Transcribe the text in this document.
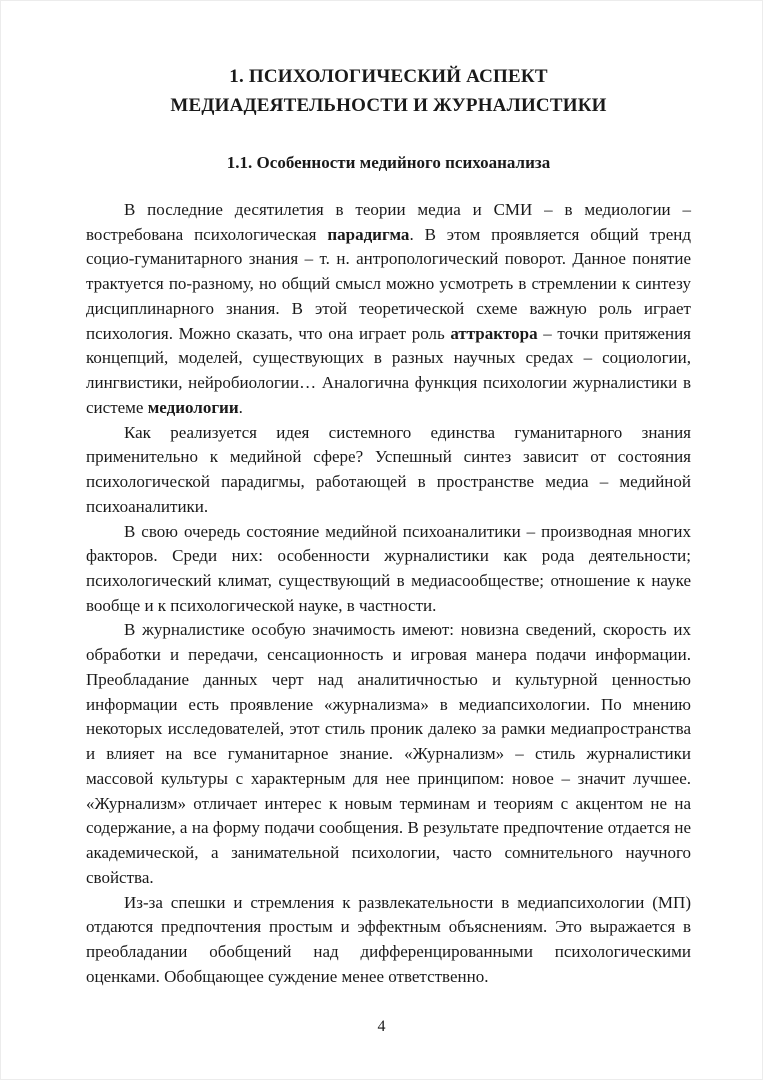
1. ПСИХОЛОГИЧЕСКИЙ АСПЕКТ
МЕДИАДЕЯТЕЛЬНОСТИ И ЖУРНАЛИСТИКИ
1.1. Особенности медийного психоанализа

В последние десятилетия в теории медиа и СМИ – в медиологии – востребована психологическая парадигма. В этом проявляется общий тренд социо-гуманитарного знания – т. н. антропологический поворот. Данное понятие трактуется по-разному, но общий смысл можно усмотреть в стремлении к синтезу дисциплинарного знания. В этой теоретической схеме важную роль играет психология. Можно сказать, что она играет роль аттрактора – точки притяжения концепций, моделей, существующих в разных научных средах – социологии, лингвистики, нейробиологии… Аналогична функция психологии журналистики в системе медиологии.

Как реализуется идея системного единства гуманитарного знания применительно к медийной сфере? Успешный синтез зависит от состояния психологической парадигмы, работающей в пространстве медиа – медийной психоаналитики.

В свою очередь состояние медийной психоаналитики – производная многих факторов. Среди них: особенности журналистики как рода деятельности; психологический климат, существующий в медиасообществе; отношение к науке вообще и к психологической науке, в частности.

В журналистике особую значимость имеют: новизна сведений, скорость их обработки и передачи, сенсационность и игровая манера подачи информации. Преобладание данных черт над аналитичностью и культурной ценностью информации есть проявление «журнализма» в медиапсихологии. По мнению некоторых исследователей, этот стиль проник далеко за рамки медиапространства и влияет на все гуманитарное знание. «Журнализм» – стиль журналистики массовой культуры с характерным для нее принципом: новое – значит лучшее. «Журнализм» отличает интерес к новым терминам и теориям с акцентом не на содержание, а на форму подачи сообщения. В результате предпочтение отдается не академической, а занимательной психологии, часто сомнительного научного свойства.

Из-за спешки и стремления к развлекательности в медиапсихологии (МП) отдаются предпочтения простым и эффектным объяснениям. Это выражается в преобладании обобщений над дифференцированными психологическими оценками. Обобщающее суждение менее ответственно.

4
